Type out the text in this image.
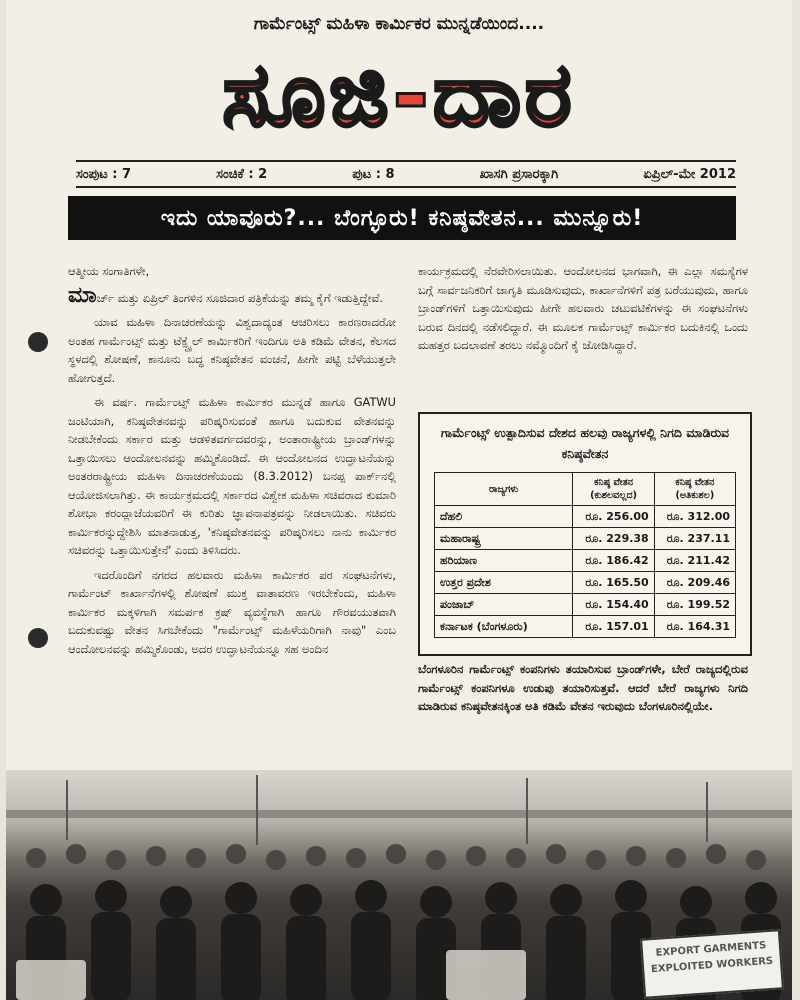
ಗಾರ್ಮೆಂಟ್ಸ್ ಮಹಿಳಾ ಕಾರ್ಮಿಕರ ಮುನ್ನಡೆಯಿಂದ....
ಸೂಜಿ-ದಾರ
ಸಂಪುಟ : 7	ಸಂಚಿಕೆ : 2	ಪುಟ : 8	ಖಾಸಗಿ ಪ್ರಸಾರಕ್ಕಾಗಿ	ಏಪ್ರಿಲ್-ಮೇ 2012
ಇದು ಯಾವೂರು?... ಬೆಂಗ್ಳೂರು! ಕನಿಷ್ಠವೇತನ... ಮುನ್ನೂರು!

ಆತ್ಮೀಯ ಸಂಗಾತಿಗಳೇ,

ಮಾರ್ಚ್ ಮತ್ತು ಏಪ್ರಿಲ್ ತಿಂಗಳಿನ ಸೂಜಿದಾರ ಪತ್ರಿಕೆಯನ್ನು ತಮ್ಮ ಕೈಗೆ ಇಡುತ್ತಿದ್ದೇವೆ.

ಯಾವ ಮಹಿಳಾ ದಿನಾಚರಣೆಯನ್ನು ವಿಶ್ವದಾದ್ಯಂತ ಆಚರಿಸಲು ಕಾರಣರಾದರೋ ಅಂತಹ ಗಾರ್ಮೆಂಟ್ಸ್ ಮತ್ತು ಟೆಕ್ಸ್ಟೈಲ್ ಕಾರ್ಮಿಕರಿಗೆ ಇಂದಿಗೂ ಅತಿ ಕಡಿಮೆ ವೇತನ, ಕೆಲಸದ ಸ್ಥಳದಲ್ಲಿ ಶೋಷಣೆ, ಕಾನೂನು ಬದ್ಧ ಕನಿಷ್ಠವೇತನ ವಂಚನೆ, ಹೀಗೇ ಪಟ್ಟಿ ಬೆಳೆಯುತ್ತಲೇ ಹೋಗುತ್ತದೆ.

ಈ ವರ್ಷ. ಗಾರ್ಮೆಂಟ್ಸ್ ಮಹಿಳಾ ಕಾರ್ಮಿಕರ ಮುನ್ನಡೆ ಹಾಗೂ GATWU ಜಂಟಿಯಾಗಿ, ಕನಿಷ್ಠವೇತನವನ್ನು ಪರಿಷ್ಕರಿಸುವಂತೆ ಹಾಗೂ ಬದುಕುವ ವೇತನವನ್ನು ನೀಡಬೇಕೆಂದು ಸರ್ಕಾರ ಮತ್ತು ಆಡಳಿತವರ್ಗದವರನ್ನು, ಅಂತಾರಾಷ್ಟ್ರೀಯ ಬ್ರಾಂಡ್‌ಗಳನ್ನು ಒತ್ತಾಯಿಸಲು ಆಂದೋಲನವನ್ನು ಹಮ್ಮಿಕೊಂಡಿದೆ. ಈ ಆಂದೋಲನದ ಉದ್ಘಾಟನೆಯನ್ನು ಅಂತರರಾಷ್ಟ್ರೀಯ ಮಹಿಳಾ ದಿನಾಚರಣೆಯಂದು (8.3.2012) ಬನಪ್ಪ ಪಾರ್ಕ್‌ನಲ್ಲಿ ಆಯೋಜಿಸಲಾಗಿತ್ತು. ಈ ಕಾರ್ಯಕ್ರಮದಲ್ಲಿ ಸರ್ಕಾರದ ವಿಶ್ವೇಕ ಮಹಿಳಾ ಸಚಿವರಾದ ಕುಮಾರಿ ಶೋಭಾ ಕರಂದ್ಲಾಜೆಯವರಿಗೆ ಈ ಕುರಿತು ಜ್ಞಾಪನಾಪತ್ರವನ್ನು ನೀಡಲಾಯಿತು. ಸಚಿವರು ಕಾರ್ಮಿಕರನ್ನುದ್ದೇಶಿಸಿ ಮಾತನಾಡುತ್ತ, 'ಕನಿಷ್ಠವೇತನವನ್ನು ಪರಿಷ್ಕರಿಸಲು ನಾನು ಕಾರ್ಮಿಕರ ಸಚಿವರನ್ನು ಒತ್ತಾಯಿಸುತ್ತೇನೆ' ಎಂದು ತಿಳಿಸಿದರು.

ಇದರೊಂದಿಗೆ ನಗರದ ಹಲವಾರು ಮಹಿಳಾ ಕಾರ್ಮಿಕರ ಪರ ಸಂಘಟನೆಗಳು, ಗಾರ್ಮೆಂಟ್ ಕಾರ್ಖಾನೆಗಳಲ್ಲಿ ಶೋಷಣೆ ಮುಕ್ತ ವಾತಾವರಣ ಇರಬೇಕೆಂದು, ಮಹಿಳಾ ಕಾರ್ಮಿಕರ ಮಕ್ಕಳಿಗಾಗಿ ಸಮರ್ಪಕ ಕ್ರಷ್ ವ್ಯವಸ್ಥೆಗಾಗಿ ಹಾಗೂ ಗೌರವಯುತವಾಗಿ ಬದುಕುವಷ್ಟು ವೇತನ ಸಿಗಬೇಕೆಂದು "ಗಾರ್ಮೆಂಟ್ಸ್ ಮಹಿಳೆಯರಿಗಾಗಿ ನಾವು" ಎಂಬ ಆಂದೋಲನವನ್ನು ಹಮ್ಮಿಕೊಂಡು, ಅದರ ಉದ್ಘಾಟನೆಯನ್ನೂ ಸಹ ಅಂದಿನ

ಕಾರ್ಯಕ್ರಮದಲ್ಲಿ ನೆರವೇರಿಸಲಾಯಿತು. ಆಂದೋಲನದ ಭಾಗವಾಗಿ, ಈ ಎಲ್ಲಾ ಸಮಸ್ಯೆಗಳ ಬಗ್ಗೆ ಸಾರ್ವಜನಿಕರಿಗೆ ಜಾಗೃತಿ ಮೂಡಿಸುವುದು, ಕಾರ್ಖಾನೆಗಳಿಗೆ ಪತ್ರ ಬರೆಯುವುದು, ಹಾಗೂ ಬ್ರಾಂಡ್‌ಗಳಿಗೆ ಒತ್ತಾಯಿಸುವುದು ಹೀಗೇ ಹಲವಾರು ಚಟುವಟಿಕೆಗಳನ್ನು ಈ ಸಂಘಟನೆಗಳು ಬರುವ ದಿನದಲ್ಲಿ ನಡೆಸಲಿದ್ದಾರೆ. ಈ ಮೂಲಕ ಗಾರ್ಮೆಂಟ್ಸ್ ಕಾರ್ಮಿಕರ ಬದುಕಿನಲ್ಲಿ ಒಂದು ಮಹತ್ತರ ಬದಲಾವಣೆ ತರಲು ನಮ್ಮೊಂದಿಗೆ ಕೈ ಜೋಡಿಸಿದ್ದಾರೆ.

ಗಾರ್ಮೆಂಟ್ಸ್ ಉತ್ಪಾದಿಸುವ ದೇಶದ ಹಲವು ರಾಜ್ಯಗಳಲ್ಲಿ ನಿಗದಿ ಮಾಡಿರುವ ಕನಿಷ್ಠವೇತನ
ರಾಜ್ಯಗಳು	ಕನಿಷ್ಠ ವೇತನ (ಕುಶಲವಲ್ಲದ)	ಕನಿಷ್ಠ ವೇತನ (ಅತಿಕುಶಲ)
ದೆಹಲಿ	ರೂ. 256.00	ರೂ. 312.00
ಮಹಾರಾಷ್ಟ್ರ	ರೂ. 229.38	ರೂ. 237.11
ಹರಿಯಾಣ	ರೂ. 186.42	ರೂ. 211.42
ಉತ್ತರ ಪ್ರದೇಶ	ರೂ. 165.50	ರೂ. 209.46
ಪಂಜಾಬ್	ರೂ. 154.40	ರೂ. 199.52
ಕರ್ನಾಟಕ (ಬೆಂಗಳೂರು)	ರೂ. 157.01	ರೂ. 164.31
ಬೆಂಗಳೂರಿನ ಗಾರ್ಮೆಂಟ್ಸ್ ಕಂಪನಿಗಳು ತಯಾರಿಸುವ ಬ್ರಾಂಡ್‌ಗಳೇ, ಬೇರೆ ರಾಜ್ಯದಲ್ಲಿರುವ ಗಾರ್ಮೆಂಟ್ಸ್ ಕಂಪನಿಗಳೂ ಉಡುಪು ತಯಾರಿಸುತ್ತವೆ. ಆದರೆ ಬೇರೆ ರಾಜ್ಯಗಳು ನಿಗದಿ ಮಾಡಿರುವ ಕನಿಷ್ಠವೇತನಕ್ಕಿಂತ ಅತಿ ಕಡಿಮೆ ವೇತನ ಇರುವುದು ಬೆಂಗಳೂರಿನಲ್ಲಿಯೇ.
EXPORT GARMENTS EXPLOITED WORKERS
